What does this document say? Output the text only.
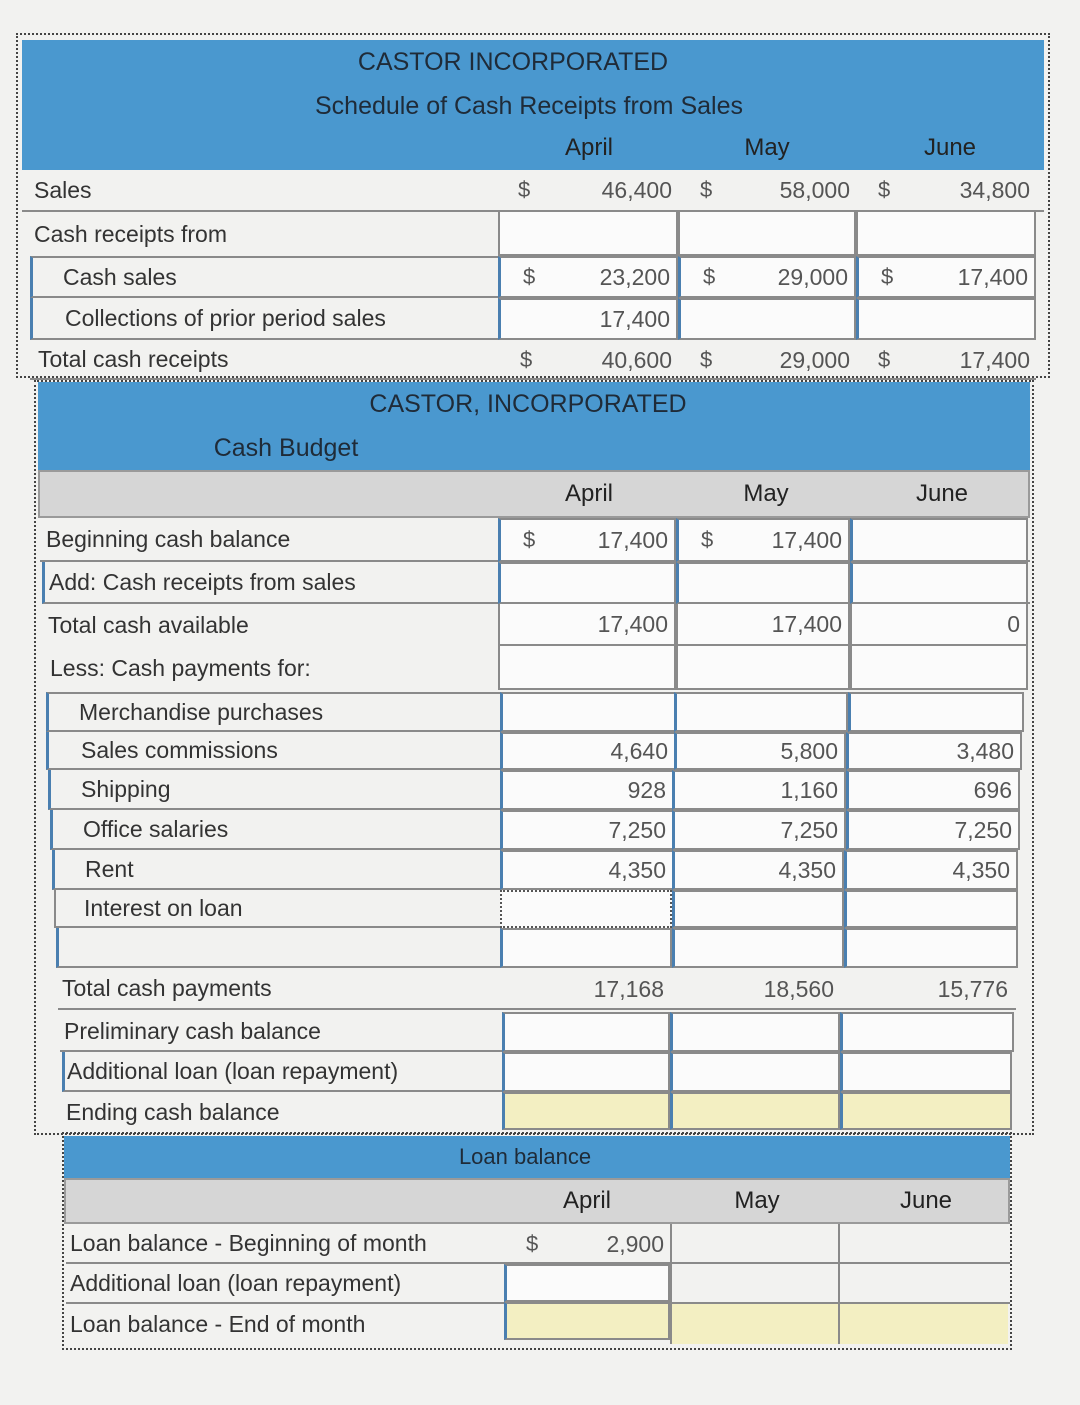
CASTOR INCORPORATED
Schedule of Cash Receipts from Sales
April	May	June
Sales	$	46,400 $	58,000 $	34,800
Cash receipts from
Cash sales	$	23,200 $	29,000 $	17,400
Collections of prior period sales	17,400
Total cash receipts	$	40,600 $	29,000 $	17,400
CASTOR, INCORPORATED
Cash Budget
April	May	June
Beginning cash balance	$	17,400 $	17,400
Add: Cash receipts from sales
Total cash available	17,400	17,400	0
Less: Cash payments for:
Merchandise purchases
Sales commissions	4,640	5,800	3,480
Shipping	928	1,160	696
Office salaries	7,250	7,250	7,250
Rent	4,350	4,350	4,350
Interest on loan
Total cash payments	17,168	18,560	15,776
Preliminary cash balance
Additional loan (loan repayment)
Ending cash balance
Loan balance
April	May	June
Loan balance - Beginning of month	$	2,900
Additional loan (loan repayment)
Loan balance - End of month
